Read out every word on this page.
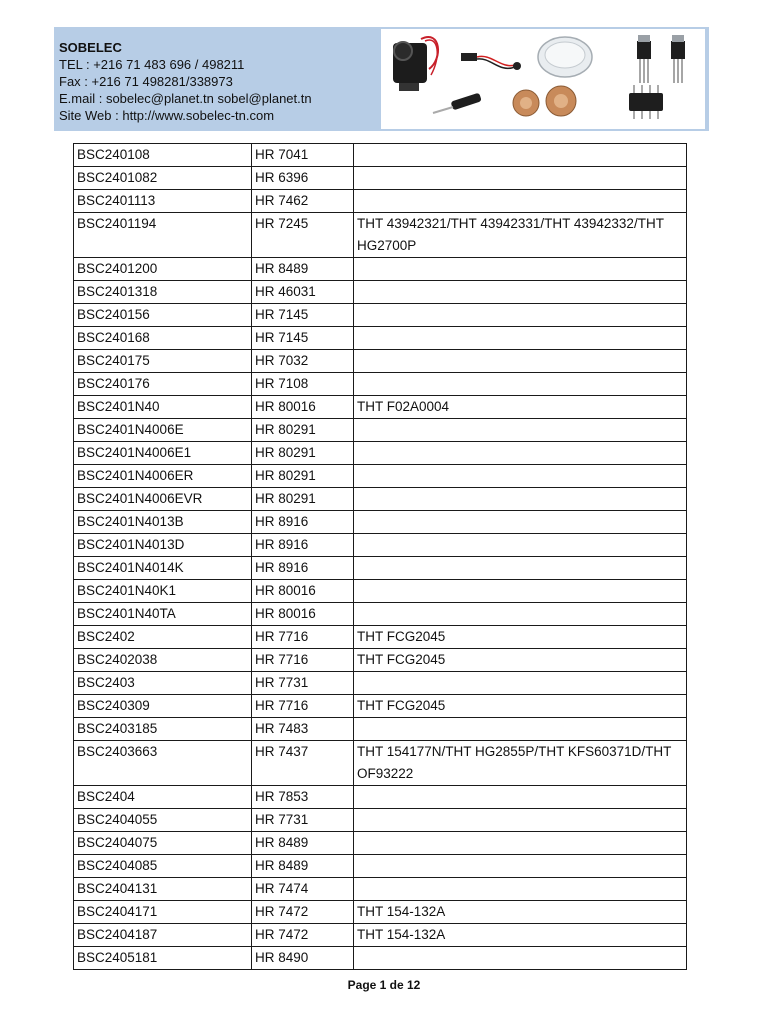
SOBELEC
TEL : +216 71 483 696 / 498211
Fax : +216 71 498281/338973
E.mail : sobelec@planet.tn sobel@planet.tn
Site Web : http://www.sobelec-tn.com
BSC240108	HR 7041	
BSC2401082	HR 6396	
BSC2401113	HR 7462	
BSC2401194	HR 7245	THT 43942321/THT 43942331/THT 43942332/THT HG2700P
BSC2401200	HR 8489	
BSC2401318	HR 46031	
BSC240156	HR 7145	
BSC240168	HR 7145	
BSC240175	HR 7032	
BSC240176	HR 7108	
BSC2401N40	HR 80016	THT F02A0004
BSC2401N4006E	HR 80291	
BSC2401N4006E1	HR 80291	
BSC2401N4006ER	HR 80291	
BSC2401N4006EVR	HR 80291	
BSC2401N4013B	HR 8916	
BSC2401N4013D	HR 8916	
BSC2401N4014K	HR 8916	
BSC2401N40K1	HR 80016	
BSC2401N40TA	HR 80016	
BSC2402	HR 7716	THT FCG2045
BSC2402038	HR 7716	THT FCG2045
BSC2403	HR 7731	
BSC240309	HR 7716	THT FCG2045
BSC2403185	HR 7483	
BSC2403663	HR 7437	THT 154177N/THT HG2855P/THT KFS60371D/THT OF93222
BSC2404	HR 7853	
BSC2404055	HR 7731	
BSC2404075	HR 8489	
BSC2404085	HR 8489	
BSC2404131	HR 7474	
BSC2404171	HR 7472	THT 154-132A
BSC2404187	HR 7472	THT 154-132A
BSC2405181	HR 8490	
Page 1 de 12
